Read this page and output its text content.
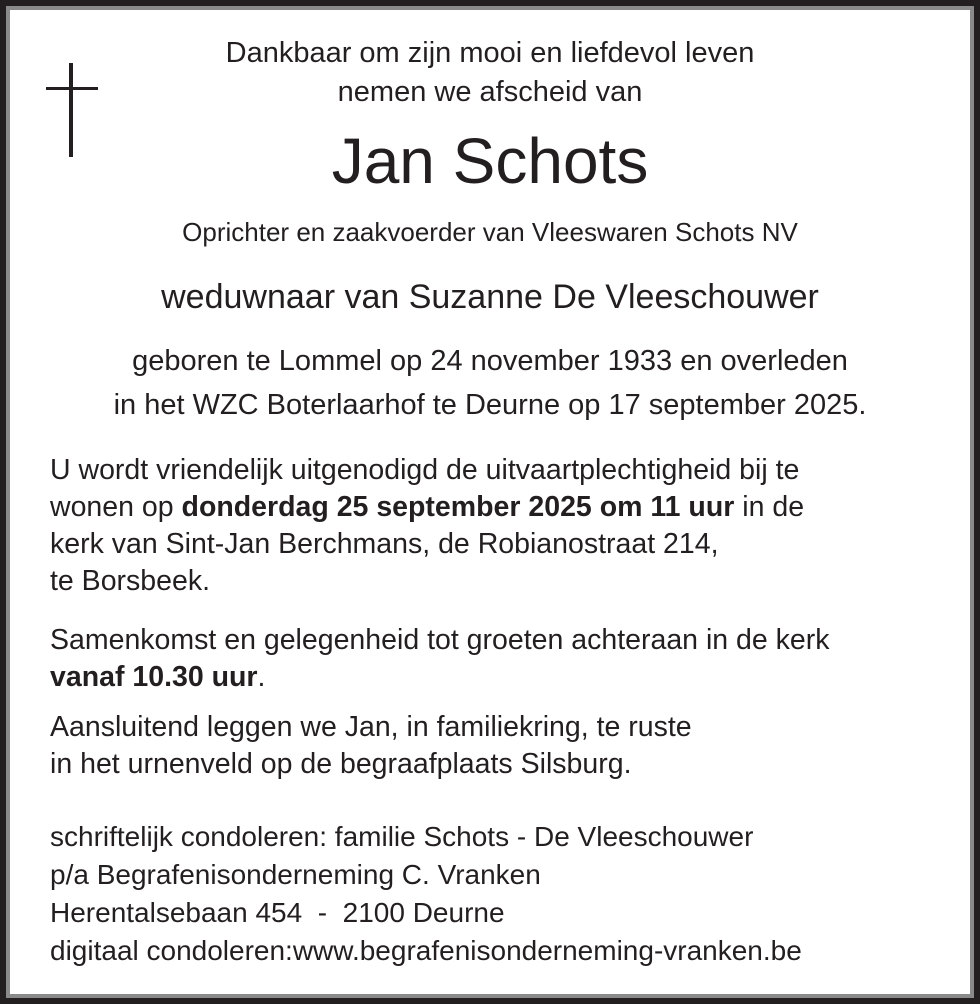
Dankbaar om zijn mooi en liefdevol leven
nemen we afscheid van
Jan Schots
Oprichter en zaakvoerder van Vleeswaren Schots NV
weduwnaar van Suzanne De Vleeschouwer
geboren te Lommel op 24 november 1933 en overleden
in het WZC Boterlaarhof te Deurne op 17 september 2025.
U wordt vriendelijk uitgenodigd de uitvaartplechtigheid bij te
wonen op donderdag 25 september 2025 om 11 uur in de
kerk van Sint-Jan Berchmans, de Robianostraat 214,
te Borsbeek.
Samenkomst en gelegenheid tot groeten achteraan in de kerk
vanaf 10.30 uur.
Aansluitend leggen we Jan, in familiekring, te ruste
in het urnenveld op de begraafplaats Silsburg.
schriftelijk condoleren: familie Schots - De Vleeschouwer
p/a Begrafenisonderneming C. Vranken
Herentalsebaan 454  -  2100 Deurne
digitaal condoleren:www.begrafenisonderneming-vranken.be
